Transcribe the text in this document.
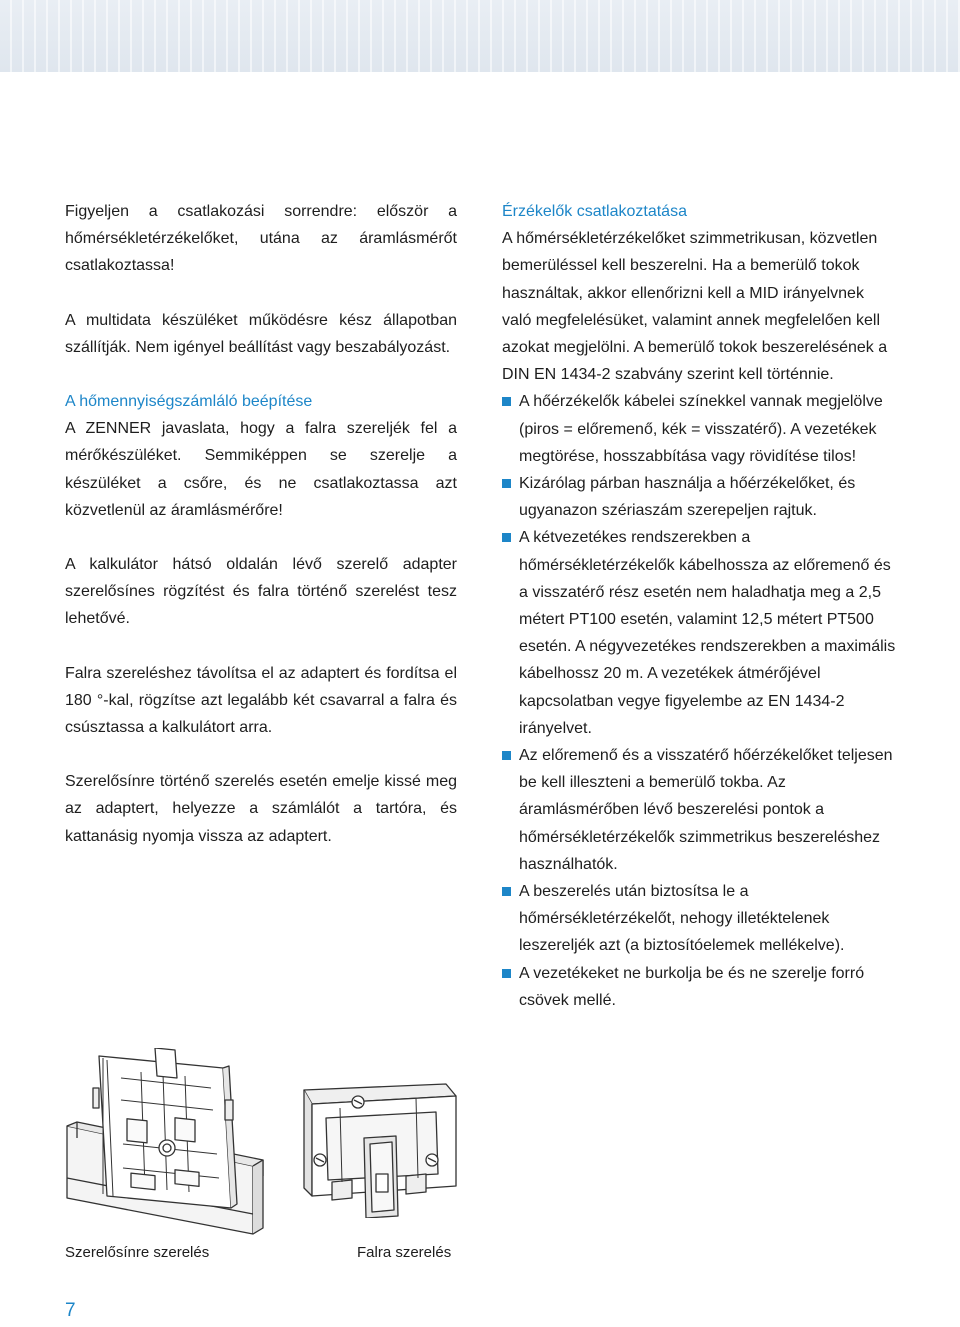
Figyeljen a csatlakozási sorrendre: először a hőmérsékletérzékelőket, utána az áramlásmérőt csatlakoztassa!

A multidata készüléket működésre kész állapotban szállítják. Nem igényel beállítást vagy beszabályozást.

A hőmennyiségszámláló beépítése

A ZENNER javaslata, hogy a falra szereljék fel a mérőkészüléket. Semmiképpen se szerelje a készüléket a csőre, és ne csatlakoztassa azt közvetlenül az áramlásmérőre!

A kalkulátor hátsó oldalán lévő szerelő adapter szerelősínes rögzítést és falra történő szerelést tesz lehetővé.

Falra szereléshez távolítsa el az adaptert és fordítsa el 180 °-kal, rögzítse azt legalább két csavarral a falra és csúsztassa a kalkulátort arra.

Szerelősínre történő szerelés esetén emelje kissé meg az adaptert, helyezze a számlálót a tartóra, és kattanásig nyomja vissza az adaptert.

Érzékelők csatlakoztatása

A hőmérsékletérzékelőket szimmetrikusan, közvetlen bemerüléssel kell beszerelni. Ha a bemerülő tokok használtak, akkor ellenőrizni kell a MID irányelvnek való megfelelésüket, valamint annek megfelelően kell azokat megjelölni. A bemerülő tokok beszerelésének a DIN EN 1434-2 szabvány szerint kell történnie.

A hőérzékelők kábelei színekkel vannak megjelölve (piros = előremenő, kék = visszatérő). A vezetékek megtörése, hosszabbítása vagy rövidítése tilos!
Kizárólag párban használja a hőérzékelőket, és ugyanazon szériaszám szerepeljen rajtuk.
A kétvezetékes rendszerekben a hőmérsékletérzékelők kábelhossza az előremenő és a visszatérő rész esetén nem haladhatja meg a 2,5 métert PT100 esetén, valamint 12,5 métert PT500 esetén. A négyvezetékes rendszerekben a maximális kábelhossz 20 m. A vezetékek átmérőjével kapcsolatban vegye figyelembe az EN 1434-2 irányelvet.
Az előremenő és a visszatérő hőérzékelőket teljesen be kell illeszteni a bemerülő tokba. Az áramlásmérőben lévő beszerelési pontok a hőmérsékletérzékelők szimmetrikus beszereléshez használhatók.
A beszerelés után biztosítsa le a hőmérsékletérzékelőt, nehogy illetéktelenek leszereljék azt (a biztosítóelemek mellékelve).
A vezetékeket ne burkolja be és ne szerelje forró csövek mellé.
Szerelősínre szerelés	Falra szerelés
7
